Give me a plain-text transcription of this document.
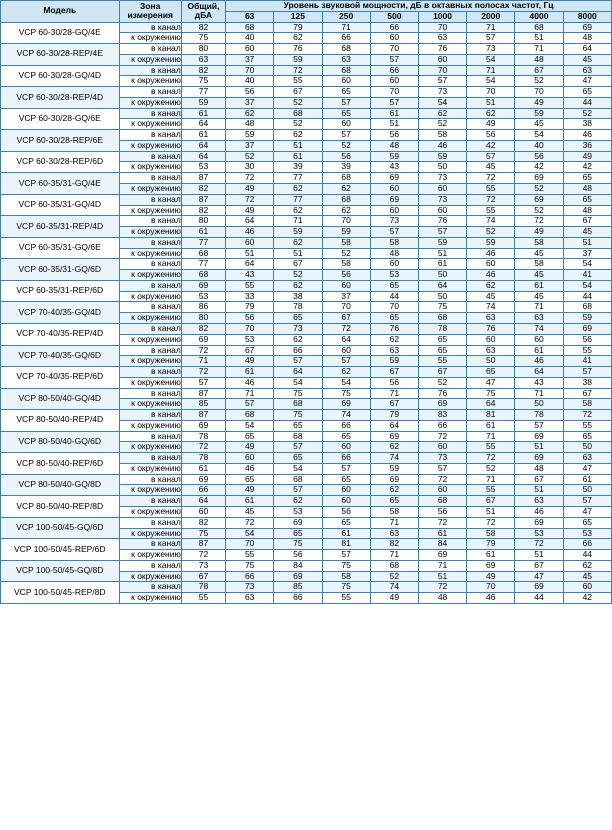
Модель	Зона измерения	Общий, дБА	Уровень звуковой мощности, дБ в октавных полосах частот, Гц							
			63	125	250	500	1000	2000	4000	8000
VCP 60-30/28-GQ/4E	в канал	82	68	79	71	66	70	71	68	69
	к окружению	75	40	62	66	60	63	57	51	48
VCP 60-30/28-REP/4E	в канал	80	60	76	68	70	76	73	71	64
	к окружению	63	37	59	63	57	60	54	48	45
VCP 60-30/28-GQ/4D	в канал	82	70	72	68	66	70	71	67	63
	к окружению	75	40	55	60	60	57	54	52	47
VCP 60-30/28-REP/4D	в канал	77	56	67	65	70	73	70	70	65
	к окружению	59	37	52	57	57	54	51	49	44
VCP 60-30/28-GQ/6E	в канал	61	62	68	65	61	62	62	59	52
	к окружению	64	48	52	60	51	52	49	45	38
VCP 60-30/28-REP/6E	в канал	61	59	62	57	56	58	56	54	46
	к окружению	64	37	51	52	48	46	42	40	36
VCP 60-30/28-REP/6D	в канал	64	52	61	56	59	59	57	56	49
	к окружению	53	30	39	39	43	50	45	42	42
VCP 60-35/31-GQ/4E	в канал	87	72	77	68	69	73	72	69	65
	к окружению	82	49	62	62	60	60	55	52	48
VCP 60-35/31-GQ/4D	в канал	87	72	77	68	69	73	72	69	65
	к окружению	82	49	62	62	60	60	55	52	48
VCP 60-35/31-REP/4D	в канал	80	64	71	70	73	76	74	72	67
	к окружению	61	46	59	59	57	57	52	49	45
VCP 60-35/31-GQ/6E	в канал	77	60	62	58	58	59	59	58	51
	к окружению	68	51	51	52	48	51	46	45	37
VCP 60-35/31-GQ/6D	в канал	77	64	67	58	60	61	60	58	54
	к окружению	68	43	52	56	53	50	46	45	41
VCP 60-35/31-REP/6D	в канал	69	55	62	60	65	64	62	61	54
	к окружению	53	33	38	37	44	50	45	45	44
VCP 70-40/35-GQ/4D	в канал	86	79	78	70	70	75	74	71	68
	к окружению	80	56	65	67	65	68	63	63	59
VCP 70-40/35-REP/4D	в канал	82	70	73	72	76	78	76	74	69
	к окружению	69	53	62	64	62	65	60	60	56
VCP 70-40/35-GQ/6D	в канал	72	67	66	60	63	65	63	61	55
	к окружению	71	49	57	57	59	55	50	46	41
VCP 70-40/35-REP/6D	в канал	72	61	64	62	67	67	65	64	57
	к окружению	57	46	54	54	56	52	47	43	38
VCP 80-50/40-GQ/4D	в канал	87	71	75	75	71	76	75	71	67
	к окружению	85	57	68	69	67	69	64	50	58
VCP 80-50/40-REP/4D	в канал	87	68	75	74	79	83	81	78	72
	к окружению	69	54	65	66	64	66	61	57	55
VCP 80-50/40-GQ/6D	в канал	78	65	68	65	69	72	71	69	65
	к окружению	72	49	57	60	62	60	55	51	50
VCP 80-50/40-REP/6D	в канал	78	60	65	66	74	73	72	69	63
	к окружению	61	46	54	57	59	57	52	48	47
VCP 80-50/40-GQ/8D	в канал	69	65	68	65	69	72	71	67	61
	к окружению	66	49	57	60	62	60	55	51	50
VCP 80-50/40-REP/8D	в канал	64	61	62	60	65	68	67	63	57
	к окружению	60	45	53	56	58	56	51	46	47
VCP 100-50/45-GQ/6D	в канал	82	72	69	65	71	72	72	69	65
	к окружению	75	54	65	61	63	61	58	53	53
VCP 100-50/45-REP/6D	в канал	87	70	75	81	82	84	79	72	66
	к окружению	72	55	56	57	71	69	61	51	44
VCP 100-50/45-GQ/8D	в канал	73	75	84	75	68	71	69	67	62
	к окружению	67	66	69	58	52	51	49	47	45
VCP 100-50/45-REP/8D	в канал	78	73	85	75	74	72	70	69	60
	к окружению	55	63	66	55	49	48	46	44	42
